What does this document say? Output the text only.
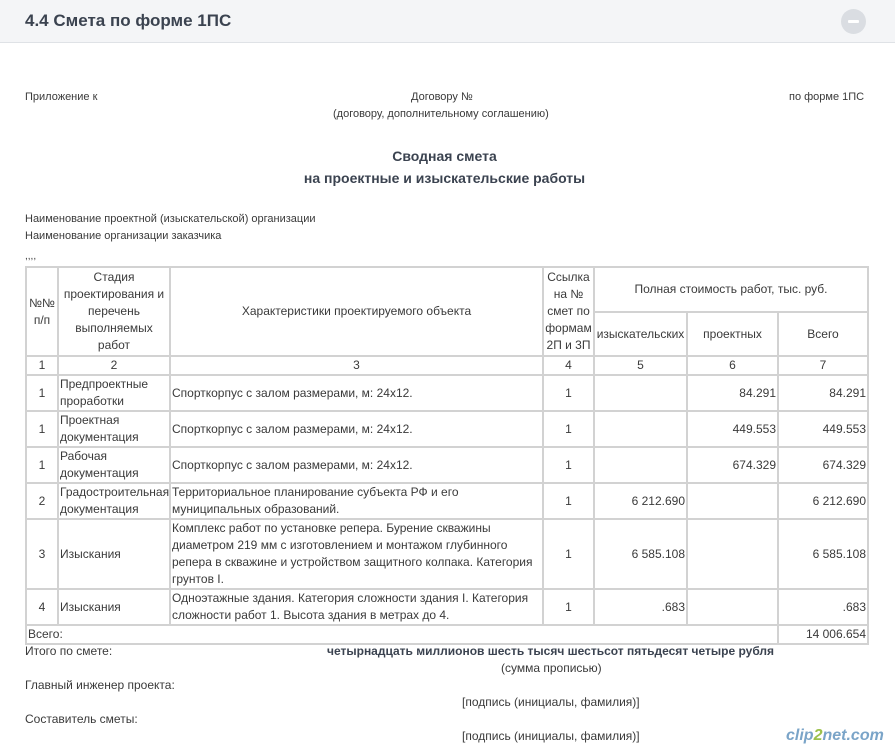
4.4 Смета по форме 1ПС
Приложение к	Договору №
(договору, дополнительному соглашению)
по форме 1ПС
Сводная смета
на проектные и изыскательские работы
Наименование проектной (изыскательской) организации
Наименование организации заказчика
,,,,
№№ п/п	Стадия проектирования и перечень выполняемых работ	Характеристики проектируемого объекта	Ссылка на № смет по формам 2П и 3П	Полная стоимость работ, тыс. руб.		
				изыскательских	проектных	Всего
1	2	3	4	5	6	7
1	Предпроектные проработки	Спорткорпус с залом размерами, м: 24х12.	1		84.291	84.291
1	Проектная документация	Спорткорпус с залом размерами, м: 24х12.	1		449.553	449.553
1	Рабочая документация	Спорткорпус с залом размерами, м: 24х12.	1		674.329	674.329
2	Градостроительная документация	Территориальное планирование субъекта РФ и его муниципальных образований.	1	6 212.690		6 212.690
3	Изыскания	Комплекс работ по установке репера. Бурение скважины диаметром 219 мм с изготовлением и монтажом глубинного репера в скважине и устройством защитного колпака. Категория грунтов I.	1	6 585.108		6 585.108
4	Изыскания	Одноэтажные здания. Категория сложности здания I. Категория сложности работ 1. Высота здания в метрах до 4.	1	.683		.683
Всего:						14 006.654
Итого по смете:	четырнадцать миллионов шесть тысяч шестьсот пятьдесят четыре рубля
(сумма прописью)
Главный инженер проекта:
[подпись (инициалы, фамилия)]
Составитель сметы:
[подпись (инициалы, фамилия)]	clip2net.com
